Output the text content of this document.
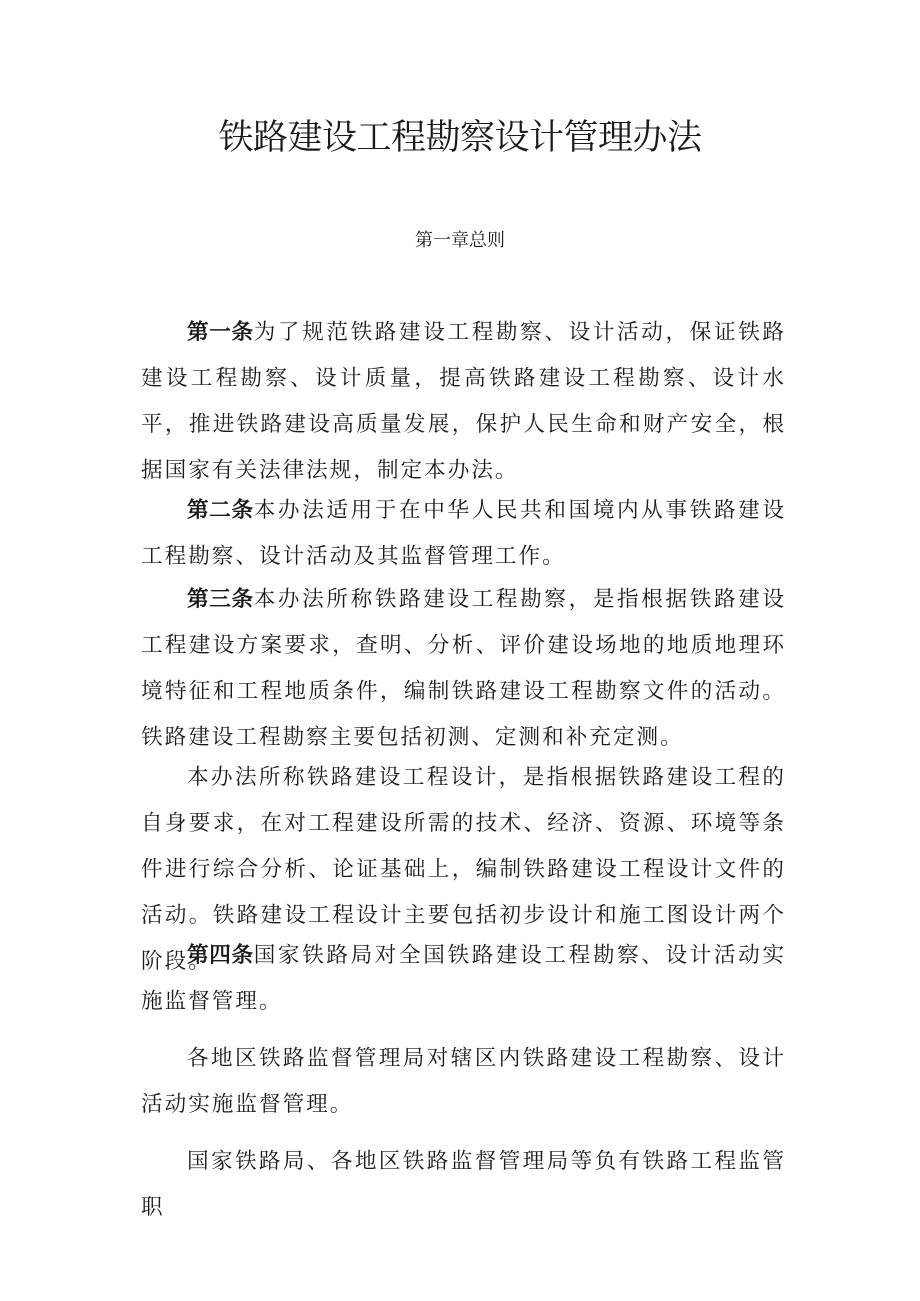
铁路建设工程勘察设计管理办法
第一章总则

第一条为了规范铁路建设工程勘察、设计活动，保证铁路建设工程勘察、设计质量，提高铁路建设工程勘察、设计水平，推进铁路建设高质量发展，保护人民生命和财产安全，根据国家有关法律法规，制定本办法。

第二条本办法适用于在中华人民共和国境内从事铁路建设工程勘察、设计活动及其监督管理工作。

第三条本办法所称铁路建设工程勘察，是指根据铁路建设工程建设方案要求，查明、分析、评价建设场地的地质地理环境特征和工程地质条件，编制铁路建设工程勘察文件的活动。铁路建设工程勘察主要包括初测、定测和补充定测。

本办法所称铁路建设工程设计，是指根据铁路建设工程的自身要求，在对工程建设所需的技术、经济、资源、环境等条件进行综合分析、论证基础上，编制铁路建设工程设计文件的活动。铁路建设工程设计主要包括初步设计和施工图设计两个阶段。

第四条国家铁路局对全国铁路建设工程勘察、设计活动实施监督管理。

各地区铁路监督管理局对辖区内铁路建设工程勘察、设计活动实施监督管理。

国家铁路局、各地区铁路监督管理局等负有铁路工程监管职
